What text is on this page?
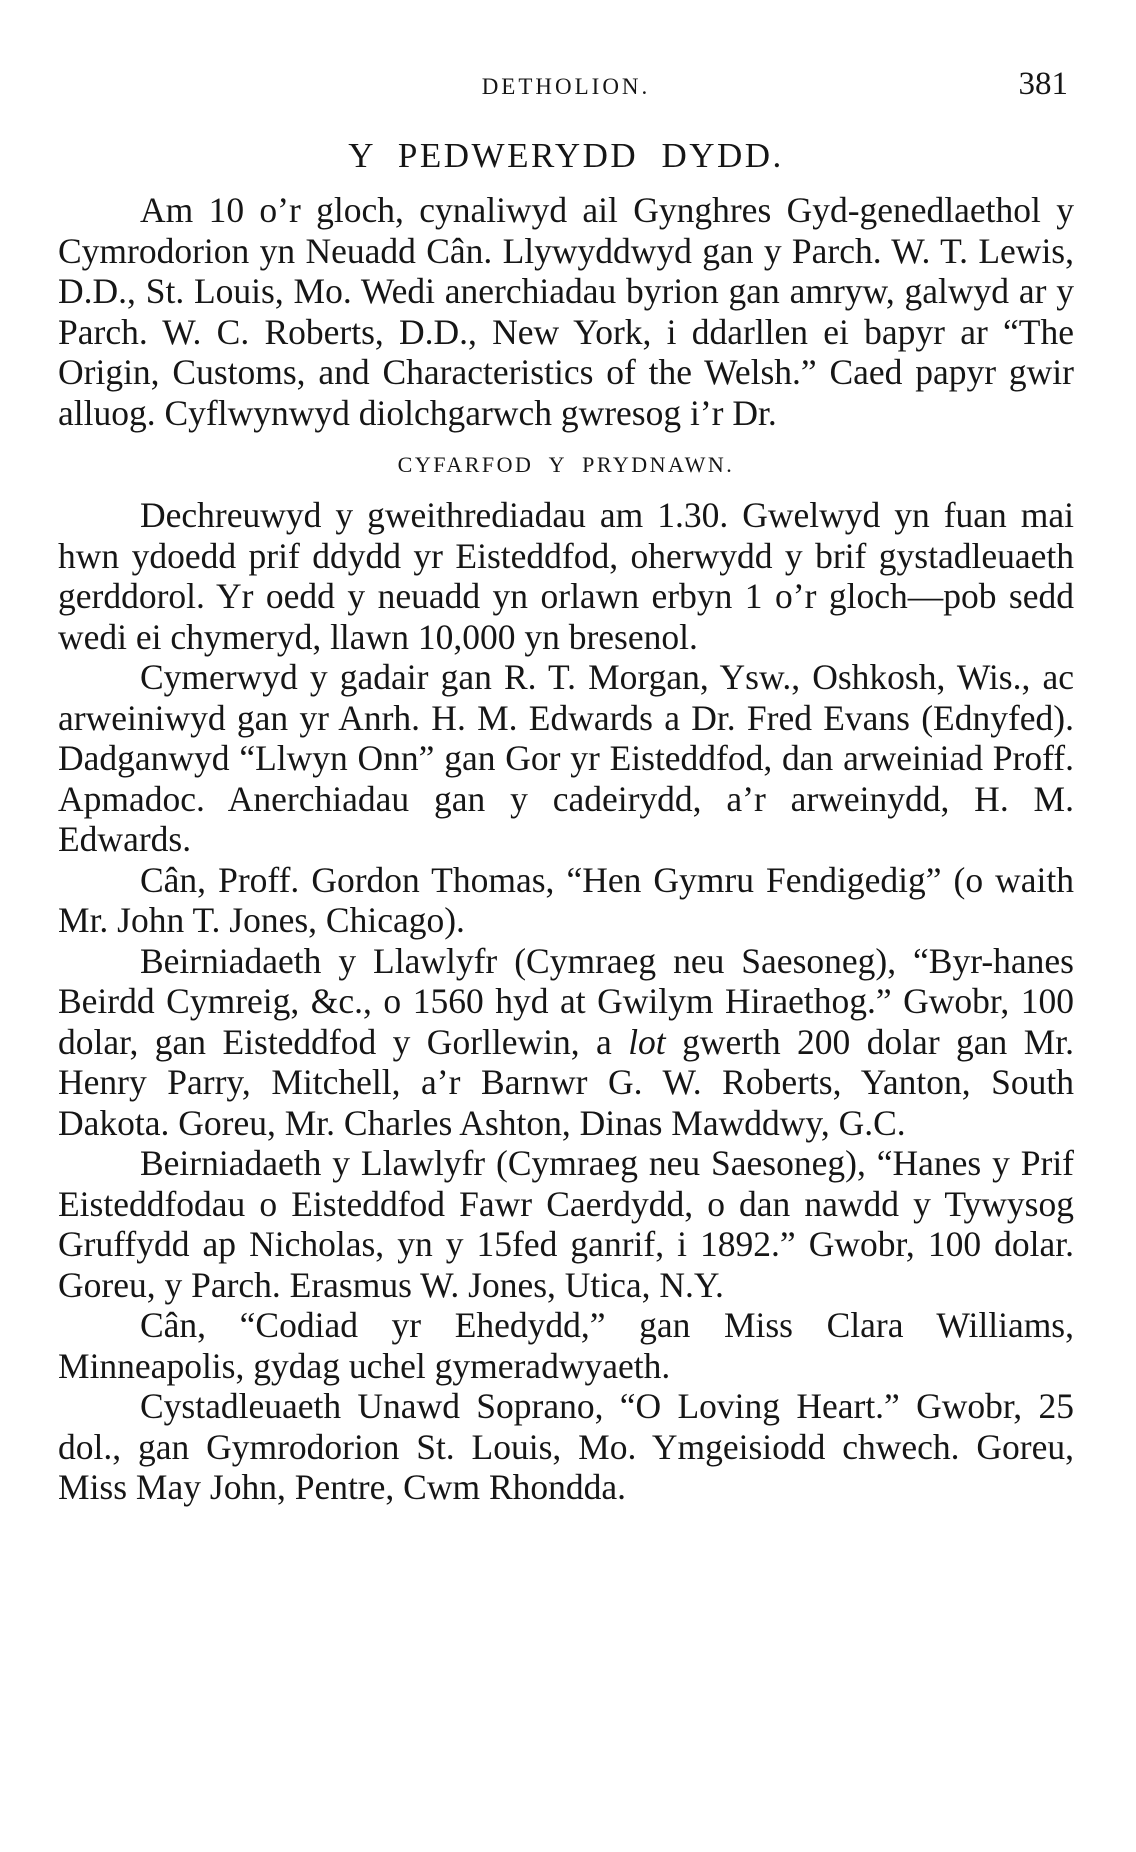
DETHOLION.	381
Y PEDWERYDD DYDD.

Am 10 o’r gloch, cynaliwyd ail Gynghres Gyd-genedlaethol y Cymrodorion yn Neuadd Cân. Llywyddwyd gan y Parch. W. T. Lewis, D.D., St. Louis, Mo. Wedi anerchiadau byrion gan amryw, galwyd ar y Parch. W. C. Roberts, D.D., New York, i ddarllen ei bapyr ar “The Origin, Customs, and Characteristics of the Welsh.” Caed papyr gwir alluog. Cyflwynwyd diolchgarwch gwresog i’r Dr.

CYFARFOD Y PRYDNAWN.

Dechreuwyd y gweithrediadau am 1.30. Gwelwyd yn fuan mai hwn ydoedd prif ddydd yr Eisteddfod, oherwydd y brif gystadleuaeth gerddorol. Yr oedd y neuadd yn orlawn erbyn 1 o’r gloch—pob sedd wedi ei chymeryd, llawn 10,000 yn bresenol.

Cymerwyd y gadair gan R. T. Morgan, Ysw., Oshkosh, Wis., ac arweiniwyd gan yr Anrh. H. M. Edwards a Dr. Fred Evans (Ednyfed). Dadganwyd “Llwyn Onn” gan Gor yr Eisteddfod, dan arweiniad Proff. Apmadoc. Anerchiadau gan y cadeirydd, a’r arweinydd, H. M. Edwards.

Cân, Proff. Gordon Thomas, “Hen Gymru Fendigedig” (o waith Mr. John T. Jones, Chicago).

Beirniadaeth y Llawlyfr (Cymraeg neu Saesoneg), “Byr-hanes Beirdd Cymreig, &c., o 1560 hyd at Gwilym Hiraethog.” Gwobr, 100 dolar, gan Eisteddfod y Gorllewin, a lot gwerth 200 dolar gan Mr. Henry Parry, Mitchell, a’r Barnwr G. W. Roberts, Yanton, South Dakota. Goreu, Mr. Charles Ashton, Dinas Mawddwy, G.C.

Beirniadaeth y Llawlyfr (Cymraeg neu Saesoneg), “Hanes y Prif Eisteddfodau o Eisteddfod Fawr Caerdydd, o dan nawdd y Tywysog Gruffydd ap Nicholas, yn y 15fed ganrif, i 1892.” Gwobr, 100 dolar. Goreu, y Parch. Erasmus W. Jones, Utica, N.Y.

Cân, “Codiad yr Ehedydd,” gan Miss Clara Williams, Minneapolis, gydag uchel gymeradwyaeth.

Cystadleuaeth Unawd Soprano, “O Loving Heart.” Gwobr, 25 dol., gan Gymrodorion St. Louis, Mo. Ymgeisiodd chwech. Goreu, Miss May John, Pentre, Cwm Rhondda.
